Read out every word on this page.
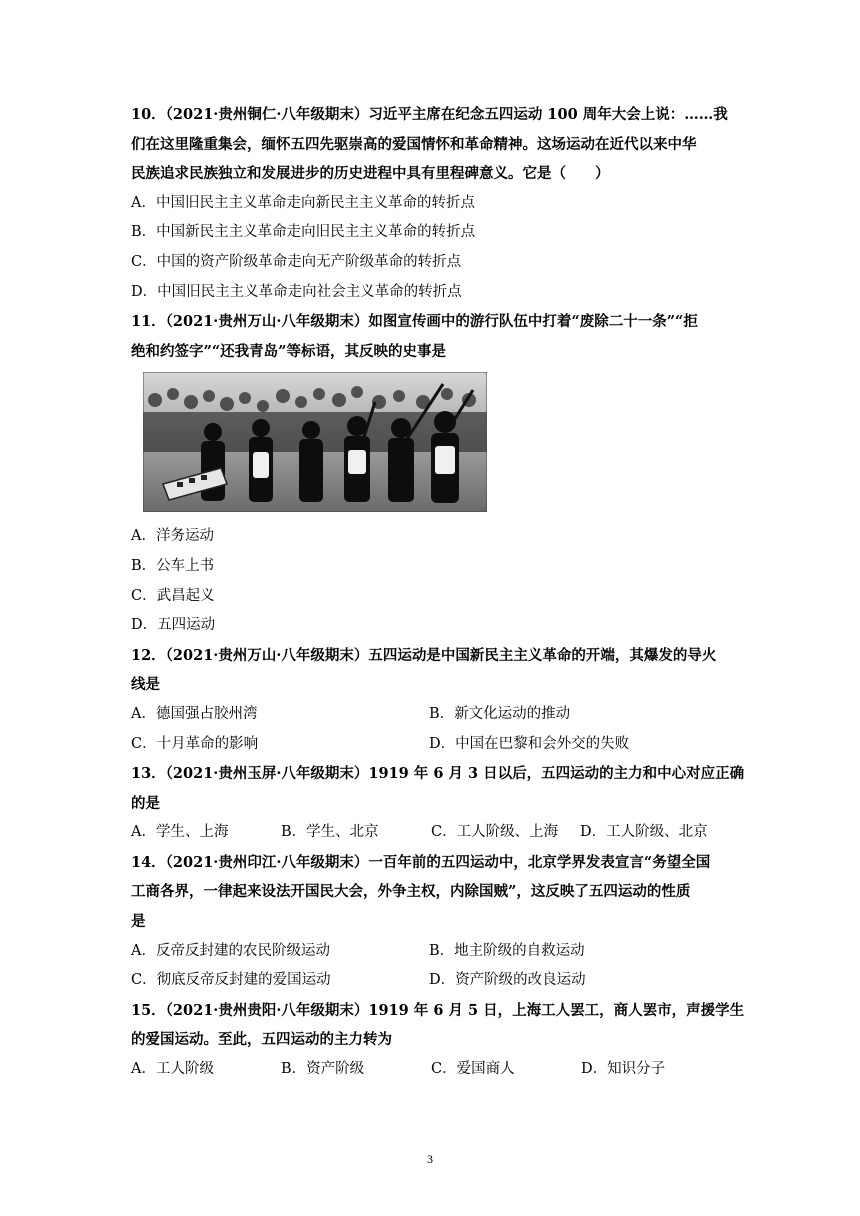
10．（2021·贵州铜仁·八年级期末）习近平主席在纪念五四运动 100 周年大会上说：……我
们在这里隆重集会，缅怀五四先驱崇高的爱国情怀和革命精神。这场运动在近代以来中华
民族追求民族独立和发展进步的历史进程中具有里程碑意义。它是（　　）
A．中国旧民主主义革命走向新民主主义革命的转折点
B．中国新民主主义革命走向旧民主主义革命的转折点
C．中国的资产阶级革命走向无产阶级革命的转折点
D．中国旧民主主义革命走向社会主义革命的转折点
11．（2021·贵州万山·八年级期末）如图宣传画中的游行队伍中打着“废除二十一条”“拒
绝和约签字”“还我青岛”等标语，其反映的史事是
A．洋务运动
B．公车上书
C．武昌起义
D．五四运动
12．（2021·贵州万山·八年级期末）五四运动是中国新民主主义革命的开端，其爆发的导火
线是
A．德国强占胶州湾	B．新文化运动的推动
C．十月革命的影响	D．中国在巴黎和会外交的失败
13．（2021·贵州玉屏·八年级期末）1919 年 6 月 3 日以后，五四运动的主力和中心对应正确
的是
A．学生、上海	B．学生、北京	C．工人阶级、上海	D．工人阶级、北京
14．（2021·贵州印江·八年级期末）一百年前的五四运动中，北京学界发表宣言“务望全国
工商各界，一律起来设法开国民大会，外争主权，内除国贼”，这反映了五四运动的性质
是
A．反帝反封建的农民阶级运动	B．地主阶级的自救运动
C．彻底反帝反封建的爱国运动	D．资产阶级的改良运动
15．（2021·贵州贵阳·八年级期末）1919 年 6 月 5 日，上海工人罢工，商人罢市，声援学生
的爱国运动。至此，五四运动的主力转为
A．工人阶级	B．资产阶级	C．爱国商人	D．知识分子
3
